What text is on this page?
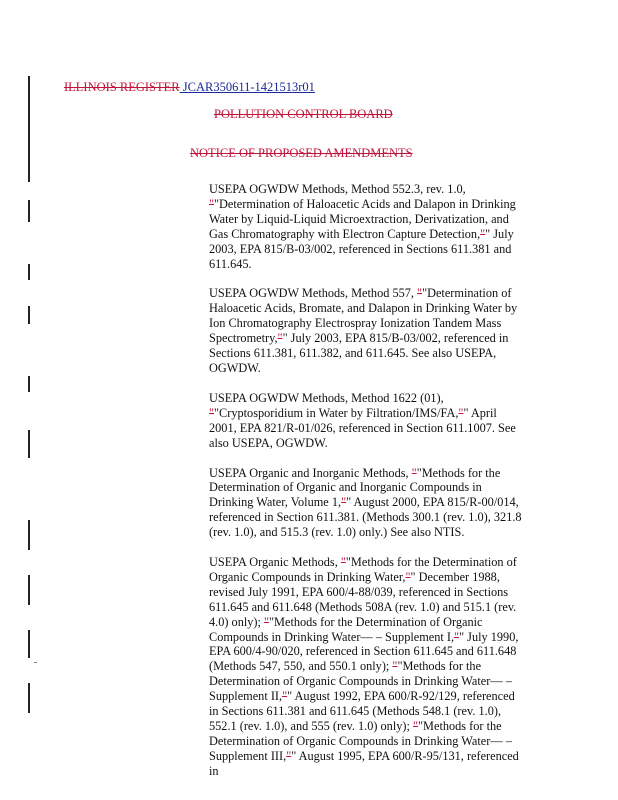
ILLINOIS REGISTER JCAR350611-1421513r01
POLLUTION CONTROL BOARD
NOTICE OF PROPOSED AMENDMENTS

USEPA OGWDW Methods, Method 552.3, rev. 1.0, ""Determination of Haloacetic Acids and Dalapon in Drinking Water by Liquid-Liquid Microextraction, Derivatization, and Gas Chromatography with Electron Capture Detection,"" July 2003, EPA 815/B-03/002, referenced in Sections 611.381 and 611.645.

USEPA OGWDW Methods, Method 557, ""Determination of Haloacetic Acids, Bromate, and Dalapon in Drinking Water by Ion Chromatography Electrospray Ionization Tandem Mass Spectrometry,"" July 2003, EPA 815/B-03/002, referenced in Sections 611.381, 611.382, and 611.645. See also USEPA, OGWDW.

USEPA OGWDW Methods, Method 1622 (01), ""Cryptosporidium in Water by Filtration/IMS/FA,"" April 2001, EPA 821/R-01/026, referenced in Section 611.1007. See also USEPA, OGWDW.

USEPA Organic and Inorganic Methods, ""Methods for the Determination of Organic and Inorganic Compounds in Drinking Water, Volume 1,"" August 2000, EPA 815/R-00/014, referenced in Section 611.381. (Methods 300.1 (rev. 1.0), 321.8 (rev. 1.0), and 515.3 (rev. 1.0) only.) See also NTIS.

USEPA Organic Methods, ""Methods for the Determination of Organic Compounds in Drinking Water,"" December 1988, revised July 1991, EPA 600/4-88/039, referenced in Sections 611.645 and 611.648 (Methods 508A (rev. 1.0) and 515.1 (rev. 4.0) only); ""Methods for the Determination of Organic Compounds in Drinking Water— – Supplement I,"" July 1990, EPA 600/4-90/020, referenced in Section 611.645 and 611.648 (Methods 547, 550, and 550.1 only); ""Methods for the Determination of Organic Compounds in Drinking Water— – Supplement II,"" August 1992, EPA 600/R-92/129, referenced in Sections 611.381 and 611.645 (Methods 548.1 (rev. 1.0), 552.1 (rev. 1.0), and 555 (rev. 1.0) only); ""Methods for the Determination of Organic Compounds in Drinking Water— – Supplement III,"" August 1995, EPA 600/R-95/131, referenced in
